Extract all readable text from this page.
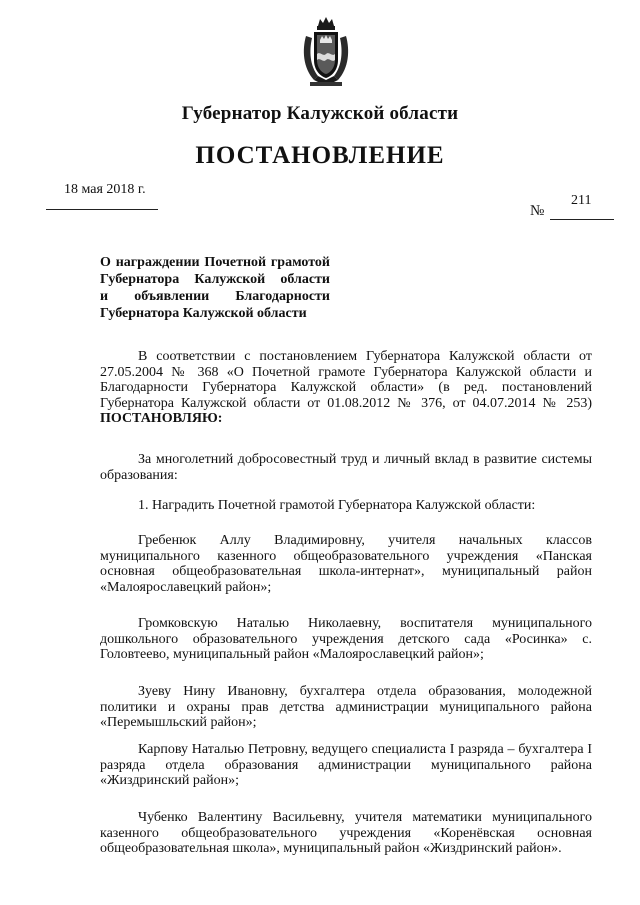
Губернатор Калужской области
ПОСТАНОВЛЕНИЕ
18 мая 2018 г.
211
№
О награждении Почетной грамотой
Губернатора Калужской области
и объявлении Благодарности
Губернатора Калужской области
В соответствии с постановлением Губернатора Калужской области от 27.05.2004 № 368 «О Почетной грамоте Губернатора Калужской области и Благодарности Губернатора Калужской области» (в ред. постановлений Губернатора Калужской области от 01.08.2012 № 376, от 04.07.2014 № 253) ПОСТАНОВЛЯЮ:
За многолетний добросовестный труд и личный вклад в развитие системы образования:
1. Наградить Почетной грамотой Губернатора Калужской области:
Гребенюк Аллу Владимировну, учителя начальных классов муниципального казенного общеобразовательного учреждения «Панская основная общеобразовательная школа-интернат», муниципальный район «Малоярославецкий район»;
Громковскую Наталью Николаевну, воспитателя муниципального дошкольного образовательного учреждения детского сада «Росинка» с. Головтеево, муниципальный район «Малоярославецкий район»;
Зуеву Нину Ивановну, бухгалтера отдела образования, молодежной политики и охраны прав детства администрации муниципального района «Перемышльский район»;
Карпову Наталью Петровну, ведущего специалиста I разряда – бухгалтера I разряда отдела образования администрации муниципального района «Жиздринский район»;
Чубенко Валентину Васильевну, учителя математики муниципального казенного общеобразовательного учреждения «Коренёвская основная общеобразовательная школа», муниципальный район «Жиздринский район».
